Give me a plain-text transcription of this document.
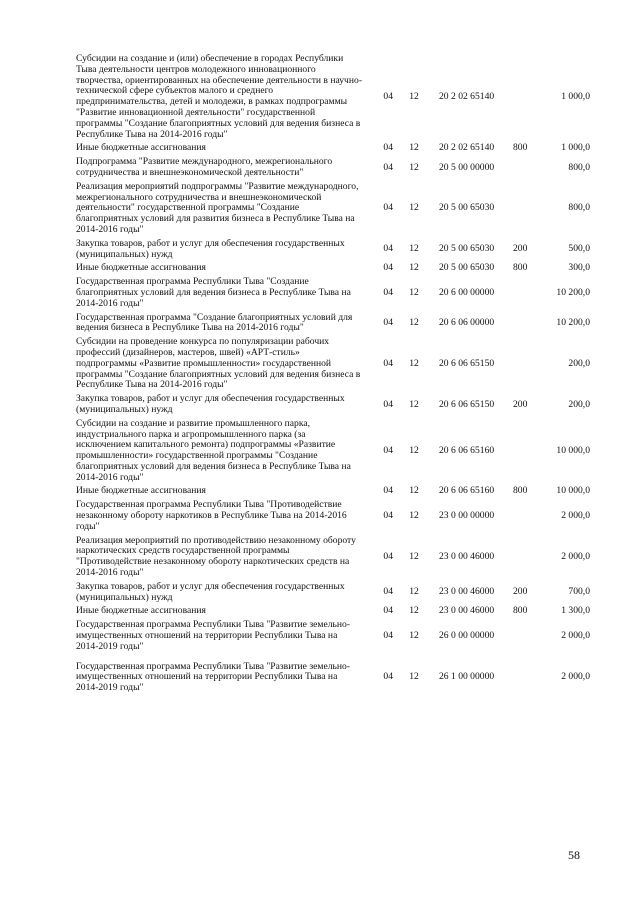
Субсидии на создание и (или) обеспечение в городах Республики Тыва деятельности центров молодежного инновационного творчества, ориентированных на обеспечение деятельности в научно-технической сфере субъектов малого и среднего предпринимательства, детей и молодежи, в рамках подпрограммы "Развитие инновационной деятельности" государственной программы "Создание благоприятных условий для ведения бизнеса в Республике Тыва на 2014-2016 годы"	04	12	20 2 02 65140		1 000,0
Иные бюджетные ассигнования	04	12	20 2 02 65140	800	1 000,0
Подпрограмма "Развитие международного, межрегионального сотрудничества и внешнеэкономической деятельности"	04	12	20 5 00 00000		800,0
Реализация мероприятий подпрограммы "Развитие международного, межрегионального сотрудничества и внешнеэкономической деятельности" государственной программы "Создание благоприятных условий для развития бизнеса в Республике Тыва на 2014-2016 годы"	04	12	20 5 00 65030		800,0
Закупка товаров, работ и услуг для обеспечения государственных (муниципальных) нужд	04	12	20 5 00 65030	200	500,0
Иные бюджетные ассигнования	04	12	20 5 00 65030	800	300,0
Государственная программа Республики Тыва "Создание благоприятных условий для ведения бизнеса в Республике Тыва на 2014-2016 годы"	04	12	20 6 00 00000		10 200,0
Государственная программа "Создание благоприятных условий для ведения бизнеса в Республике Тыва на 2014-2016 годы"	04	12	20 6 06 00000		10 200,0
Субсидии на проведение конкурса по популяризации рабочих профессий (дизайнеров, мастеров, швей) «АРТ-стиль» подпрограммы «Развитие промышленности» государственной программы "Создание благоприятных условий для ведения бизнеса в Республике Тыва на 2014-2016 годы"	04	12	20 6 06 65150		200,0
Закупка товаров, работ и услуг для обеспечения государственных (муниципальных) нужд	04	12	20 6 06 65150	200	200,0
Субсидии на создание и развитие промышленного парка, индустриального парка и агропромышленного парка (за исключением капитального ремонта) подпрограммы «Развитие промышленности» государственной программы "Создание благоприятных условий для ведения бизнеса в Республике Тыва на 2014-2016 годы"	04	12	20 6 06 65160		10 000,0
Иные бюджетные ассигнования	04	12	20 6 06 65160	800	10 000,0
Государственная программа Республики Тыва "Противодействие незаконному обороту наркотиков в Республике Тыва на 2014-2016 годы"	04	12	23 0 00 00000		2 000,0
Реализация мероприятий по противодействию незаконному обороту наркотических средств государственной программы "Противодействие незаконному обороту наркотических средств на 2014-2016 годы"	04	12	23 0 00 46000		2 000,0
Закупка товаров, работ и услуг для обеспечения государственных (муниципальных) нужд	04	12	23 0 00 46000	200	700,0
Иные бюджетные ассигнования	04	12	23 0 00 46000	800	1 300,0
Государственная программа Республики Тыва "Развитие земельно-имущественных отношений на территории Республики Тыва на 2014-2019 годы"	04	12	26 0 00 00000		2 000,0

Государственная программа Республики Тыва "Развитие земельно-имущественных отношений на территории Республики Тыва на 2014-2019 годы"	04	12	26 1 00 00000		2 000,0
58
